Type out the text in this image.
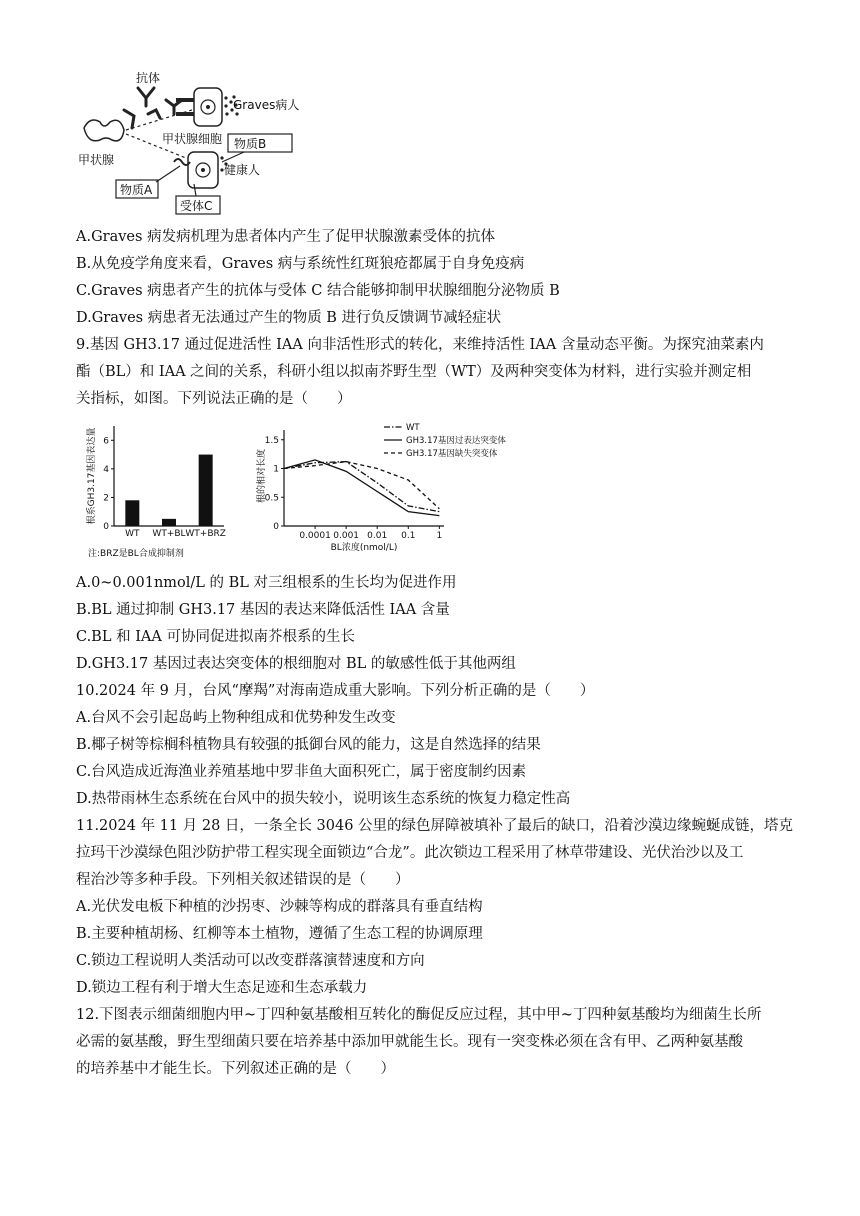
抗体
Graves病人
甲状腺
甲状腺细胞 物质B
健康人
物质A
受体C
A.Graves 病发病机理为患者体内产生了促甲状腺激素受体的抗体
B.从免疫学角度来看，Graves 病与系统性红斑狼疮都属于自身免疫病
C.Graves 病患者产生的抗体与受体 C 结合能够抑制甲状腺细胞分泌物质 B
D.Graves 病患者无法通过产生的物质 B 进行负反馈调节减轻症状
9.基因 GH3.17 通过促进活性 IAA 向非活性形式的转化，来维持活性 IAA 含量动态平衡。为探究油菜素内
酯（BL）和 IAA 之间的关系，科研小组以拟南芥野生型（WT）及两种突变体为材料，进行实验并测定相
关指标，如图。下列说法正确的是（　　）
0
2
4
6
根系GH3.17基因表达量
WT WT+BL WT+BRZ
注:BRZ是BL合成抑制剂
0
0.5
1
1.5
根的相对长度
0.0001 0.001 0.01 0.1 1
BL浓度(nmol/L)
WT
GH3.17基因过表达突变体
GH3.17基因缺失突变体
A.0~0.001nmol/L 的 BL 对三组根系的生长均为促进作用
B.BL 通过抑制 GH3.17 基因的表达来降低活性 IAA 含量
C.BL 和 IAA 可协同促进拟南芥根系的生长
D.GH3.17 基因过表达突变体的根细胞对 BL 的敏感性低于其他两组
10.2024 年 9 月，台风“摩羯”对海南造成重大影响。下列分析正确的是（　　）
A.台风不会引起岛屿上物种组成和优势种发生改变
B.椰子树等棕榈科植物具有较强的抵御台风的能力，这是自然选择的结果
C.台风造成近海渔业养殖基地中罗非鱼大面积死亡，属于密度制约因素
D.热带雨林生态系统在台风中的损失较小，说明该生态系统的恢复力稳定性高
11.2024 年 11 月 28 日，一条全长 3046 公里的绿色屏障被填补了最后的缺口，沿着沙漠边缘蜿蜒成链，塔克
拉玛干沙漠绿色阻沙防护带工程实现全面锁边“合龙”。此次锁边工程采用了林草带建设、光伏治沙以及工
程治沙等多种手段。下列相关叙述错误的是（　　）
A.光伏发电板下种植的沙拐枣、沙棘等构成的群落具有垂直结构
B.主要种植胡杨、红柳等本土植物，遵循了生态工程的协调原理
C.锁边工程说明人类活动可以改变群落演替速度和方向
D.锁边工程有利于增大生态足迹和生态承载力
12.下图表示细菌细胞内甲~丁四种氨基酸相互转化的酶促反应过程，其中甲~丁四种氨基酸均为细菌生长所
必需的氨基酸，野生型细菌只要在培养基中添加甲就能生长。现有一突变株必须在含有甲、乙两种氨基酸
的培养基中才能生长。下列叙述正确的是（　　）
